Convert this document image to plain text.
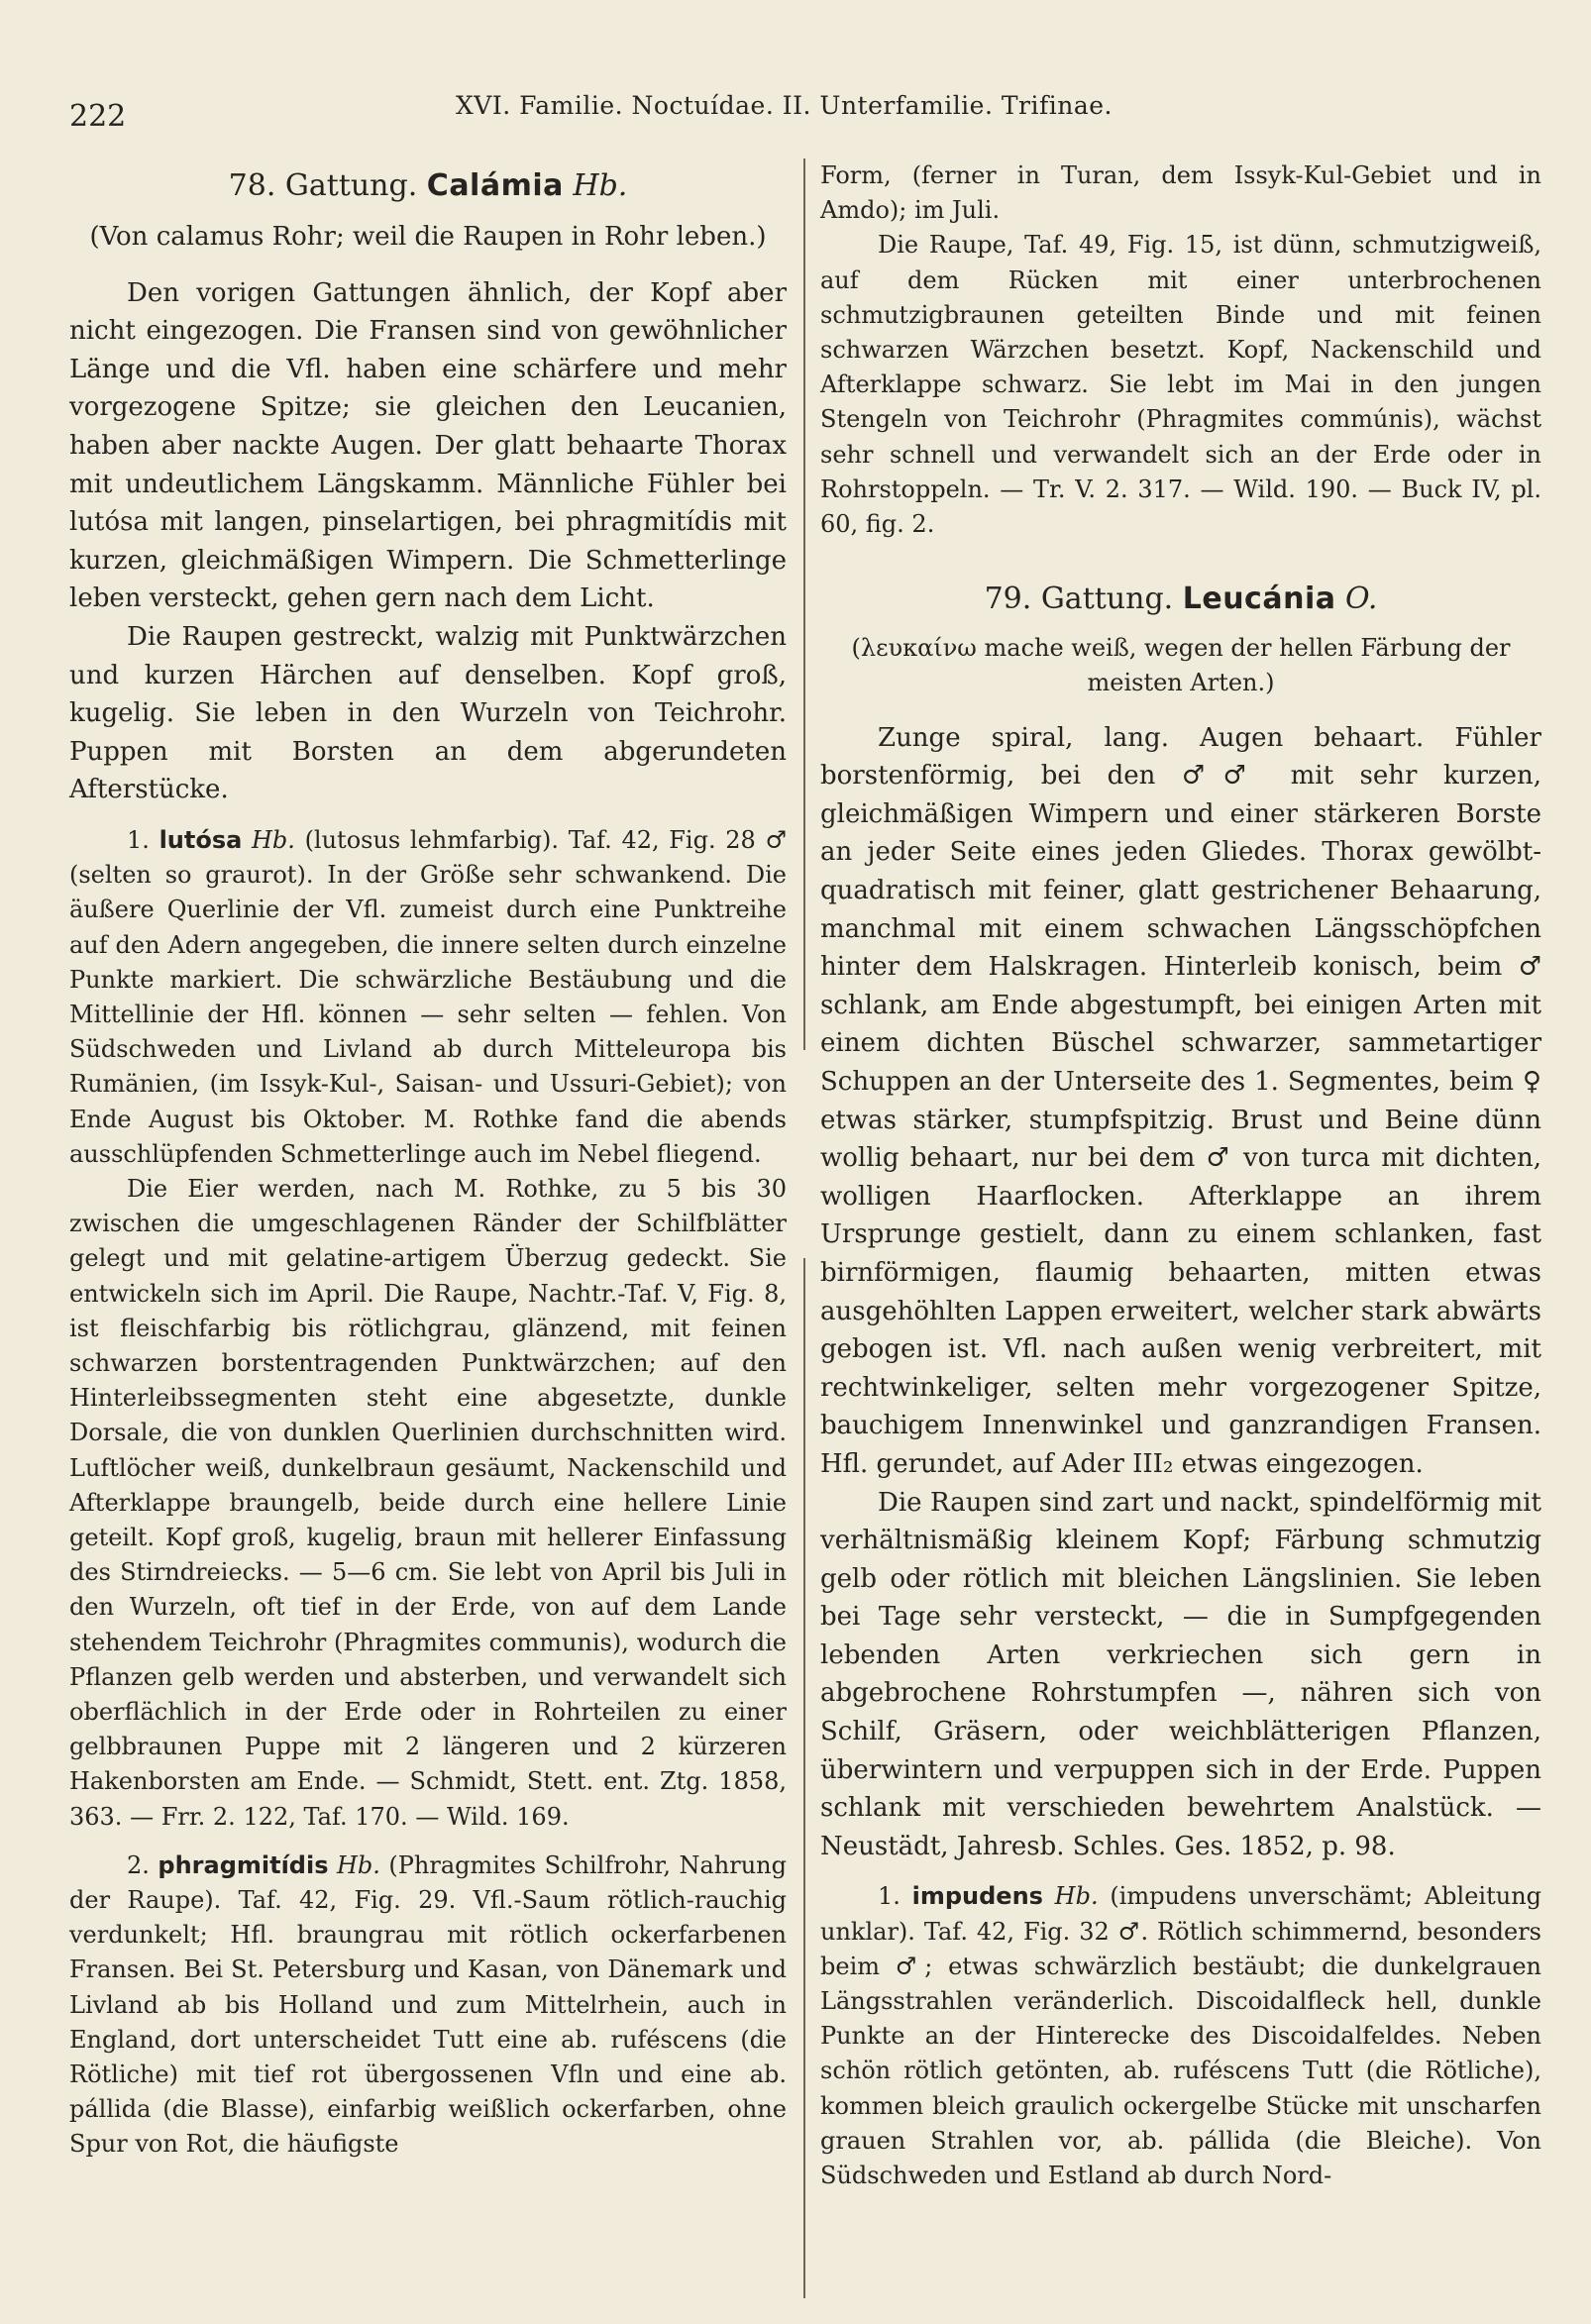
222	XVI. Familie. Noctuídae. II. Unterfamilie. Trifinae.
78. Gattung. Calámia Hb.

(Von calamus Rohr; weil die Raupen in Rohr leben.)

Den vorigen Gattungen ähnlich, der Kopf aber nicht eingezogen. Die Fransen sind von gewöhnlicher Länge und die Vfl. haben eine schärfere und mehr vorgezogene Spitze; sie gleichen den Leucanien, haben aber nackte Augen. Der glatt behaarte Thorax mit undeutlichem Längskamm. Männliche Fühler bei lutósa mit langen, pinselartigen, bei phragmitídis mit kurzen, gleichmäßigen Wimpern. Die Schmetterlinge leben versteckt, gehen gern nach dem Licht.

Die Raupen gestreckt, walzig mit Punktwärzchen und kurzen Härchen auf denselben. Kopf groß, kugelig. Sie leben in den Wurzeln von Teichrohr. Puppen mit Borsten an dem abgerundeten Afterstücke.

1. lutósa Hb. (lutosus lehmfarbig). Taf. 42, Fig. 28 ♂ (selten so graurot). In der Größe sehr schwankend. Die äußere Querlinie der Vfl. zumeist durch eine Punktreihe auf den Adern angegeben, die innere selten durch einzelne Punkte markiert. Die schwärzliche Bestäubung und die Mittellinie der Hfl. können — sehr selten — fehlen. Von Südschweden und Livland ab durch Mitteleuropa bis Rumänien, (im Issyk-Kul-, Saisan- und Ussuri-Gebiet); von Ende August bis Oktober. M. Rothke fand die abends ausschlüpfenden Schmetterlinge auch im Nebel fliegend.

Die Eier werden, nach M. Rothke, zu 5 bis 30 zwischen die umgeschlagenen Ränder der Schilfblätter gelegt und mit gelatine-artigem Überzug gedeckt. Sie entwickeln sich im April. Die Raupe, Nachtr.-Taf. V, Fig. 8, ist fleischfarbig bis rötlichgrau, glänzend, mit feinen schwarzen borstentragenden Punktwärzchen; auf den Hinterleibssegmenten steht eine abgesetzte, dunkle Dorsale, die von dunklen Querlinien durchschnitten wird. Luftlöcher weiß, dunkelbraun gesäumt, Nackenschild und Afterklappe braungelb, beide durch eine hellere Linie geteilt. Kopf groß, kugelig, braun mit hellerer Einfassung des Stirndreiecks. — 5—6 cm. Sie lebt von April bis Juli in den Wurzeln, oft tief in der Erde, von auf dem Lande stehendem Teichrohr (Phragmites communis), wodurch die Pflanzen gelb werden und absterben, und verwandelt sich oberflächlich in der Erde oder in Rohrteilen zu einer gelbbraunen Puppe mit 2 längeren und 2 kürzeren Hakenborsten am Ende. — Schmidt, Stett. ent. Ztg. 1858, 363. — Frr. 2. 122, Taf. 170. — Wild. 169.

2. phragmitídis Hb. (Phragmites Schilfrohr, Nahrung der Raupe). Taf. 42, Fig. 29. Vfl.-Saum rötlich-rauchig verdunkelt; Hfl. braungrau mit rötlich ockerfarbenen Fransen. Bei St. Petersburg und Kasan, von Dänemark und Livland ab bis Holland und zum Mittelrhein, auch in England, dort unterscheidet Tutt eine ab. ruféscens (die Rötliche) mit tief rot übergossenen Vfln und eine ab. pállida (die Blasse), einfarbig weißlich ockerfarben, ohne Spur von Rot, die häufigste

Form, (ferner in Turan, dem Issyk-Kul-Gebiet und in Amdo); im Juli.

Die Raupe, Taf. 49, Fig. 15, ist dünn, schmutzigweiß, auf dem Rücken mit einer unterbrochenen schmutzigbraunen geteilten Binde und mit feinen schwarzen Wärzchen besetzt. Kopf, Nackenschild und Afterklappe schwarz. Sie lebt im Mai in den jungen Stengeln von Teichrohr (Phragmites commúnis), wächst sehr schnell und verwandelt sich an der Erde oder in Rohrstoppeln. — Tr. V. 2. 317. — Wild. 190. — Buck IV, pl. 60, fig. 2.

79. Gattung. Leucánia O.

(λευκαίνω mache weiß, wegen der hellen Färbung der meisten Arten.)

Zunge spiral, lang. Augen behaart. Fühler borstenförmig, bei den ♂♂ mit sehr kurzen, gleichmäßigen Wimpern und einer stärkeren Borste an jeder Seite eines jeden Gliedes. Thorax gewölbt-quadratisch mit feiner, glatt gestrichener Behaarung, manchmal mit einem schwachen Längsschöpfchen hinter dem Halskragen. Hinterleib konisch, beim ♂ schlank, am Ende abgestumpft, bei einigen Arten mit einem dichten Büschel schwarzer, sammetartiger Schuppen an der Unterseite des 1. Segmentes, beim ♀ etwas stärker, stumpfspitzig. Brust und Beine dünn wollig behaart, nur bei dem ♂ von turca mit dichten, wolligen Haarflocken. Afterklappe an ihrem Ursprunge gestielt, dann zu einem schlanken, fast birnförmigen, flaumig behaarten, mitten etwas ausgehöhlten Lappen erweitert, welcher stark abwärts gebogen ist. Vfl. nach außen wenig verbreitert, mit rechtwinkeliger, selten mehr vorgezogener Spitze, bauchigem Innenwinkel und ganzrandigen Fransen. Hfl. gerundet, auf Ader III₂ etwas eingezogen.

Die Raupen sind zart und nackt, spindelförmig mit verhältnismäßig kleinem Kopf; Färbung schmutzig gelb oder rötlich mit bleichen Längslinien. Sie leben bei Tage sehr versteckt, — die in Sumpfgegenden lebenden Arten verkriechen sich gern in abgebrochene Rohrstumpfen —, nähren sich von Schilf, Gräsern, oder weichblätterigen Pflanzen, überwintern und verpuppen sich in der Erde. Puppen schlank mit verschieden bewehrtem Analstück. — Neustädt, Jahresb. Schles. Ges. 1852, p. 98.

1. impudens Hb. (impudens unverschämt; Ableitung unklar). Taf. 42, Fig. 32 ♂. Rötlich schimmernd, besonders beim ♂; etwas schwärzlich bestäubt; die dunkelgrauen Längsstrahlen veränderlich. Discoidalfleck hell, dunkle Punkte an der Hinterecke des Discoidalfeldes. Neben schön rötlich getönten, ab. ruféscens Tutt (die Rötliche), kommen bleich graulich ockergelbe Stücke mit unscharfen grauen Strahlen vor, ab. pállida (die Bleiche). Von Südschweden und Estland ab durch Nord-
